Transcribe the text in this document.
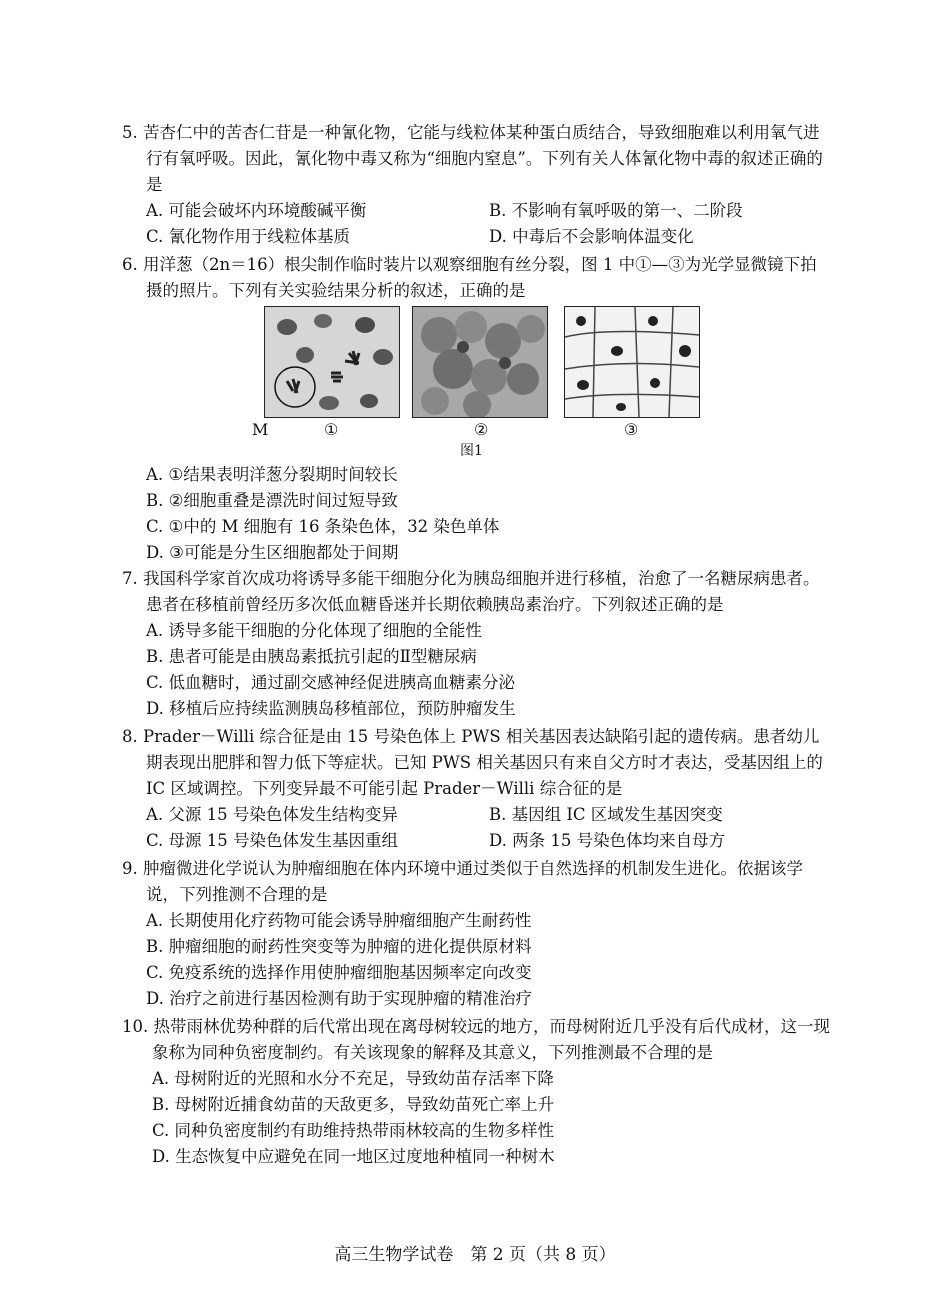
5. 苦杏仁中的苦杏仁苷是一种氰化物，它能与线粒体某种蛋白质结合，导致细胞难以利用氧气进行有氧呼吸。因此，氰化物中毒又称为“细胞内窒息”。下列有关人体氰化物中毒的叙述正确的是
A. 可能会破坏内环境酸碱平衡	B. 不影响有氧呼吸的第一、二阶段
C. 氰化物作用于线粒体基质	D. 中毒后不会影响体温变化
6. 用洋葱（2n＝16）根尖制作临时装片以观察细胞有丝分裂，图 1 中①—③为光学显微镜下拍摄的照片。下列有关实验结果分析的叙述，正确的是
M	①	②	③
图1
A. ①结果表明洋葱分裂期时间较长
B. ②细胞重叠是漂洗时间过短导致
C. ①中的 M 细胞有 16 条染色体，32 染色单体
D. ③可能是分生区细胞都处于间期
7. 我国科学家首次成功将诱导多能干细胞分化为胰岛细胞并进行移植，治愈了一名糖尿病患者。患者在移植前曾经历多次低血糖昏迷并长期依赖胰岛素治疗。下列叙述正确的是
A. 诱导多能干细胞的分化体现了细胞的全能性
B. 患者可能是由胰岛素抵抗引起的Ⅱ型糖尿病
C. 低血糖时，通过副交感神经促进胰高血糖素分泌
D. 移植后应持续监测胰岛移植部位，预防肿瘤发生
8. Prader－Willi 综合征是由 15 号染色体上 PWS 相关基因表达缺陷引起的遗传病。患者幼儿期表现出肥胖和智力低下等症状。已知 PWS 相关基因只有来自父方时才表达，受基因组上的 IC 区域调控。下列变异最不可能引起 Prader－Willi 综合征的是
A. 父源 15 号染色体发生结构变异	B. 基因组 IC 区域发生基因突变
C. 母源 15 号染色体发生基因重组	D. 两条 15 号染色体均来自母方
9. 肿瘤微进化学说认为肿瘤细胞在体内环境中通过类似于自然选择的机制发生进化。依据该学说，下列推测不合理的是
A. 长期使用化疗药物可能会诱导肿瘤细胞产生耐药性
B. 肿瘤细胞的耐药性突变等为肿瘤的进化提供原材料
C. 免疫系统的选择作用使肿瘤细胞基因频率定向改变
D. 治疗之前进行基因检测有助于实现肿瘤的精准治疗
10. 热带雨林优势种群的后代常出现在离母树较远的地方，而母树附近几乎没有后代成材，这一现象称为同种负密度制约。有关该现象的解释及其意义，下列推测最不合理的是
A. 母树附近的光照和水分不充足，导致幼苗存活率下降
B. 母树附近捕食幼苗的天敌更多，导致幼苗死亡率上升
C. 同种负密度制约有助维持热带雨林较高的生物多样性
D. 生态恢复中应避免在同一地区过度地种植同一种树木
高三生物学试卷　第 2 页（共 8 页）
